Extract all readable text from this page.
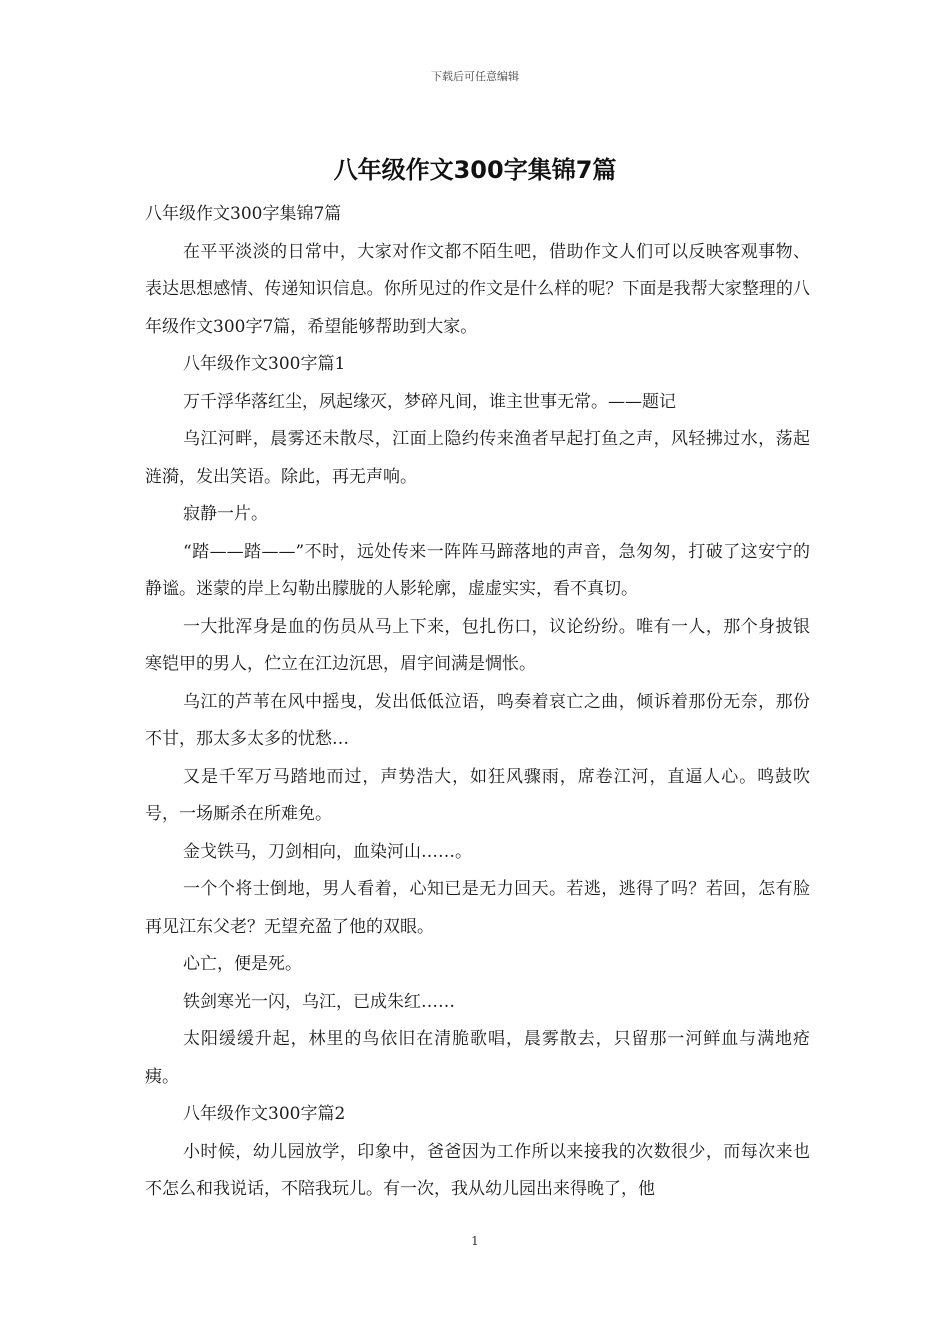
下载后可任意编辑
八年级作文300字集锦7篇

八年级作文300字集锦7篇

在平平淡淡的日常中，大家对作文都不陌生吧，借助作文人们可以反映客观事物、表达思想感情、传递知识信息。你所见过的作文是什么样的呢？下面是我帮大家整理的八年级作文300字7篇，希望能够帮助到大家。

八年级作文300字篇1

万千浮华落红尘，夙起缘灭，梦碎凡间，谁主世事无常。——题记

乌江河畔，晨雾还未散尽，江面上隐约传来渔者早起打鱼之声，风轻拂过水，荡起涟漪，发出笑语。除此，再无声响。

寂静一片。

“踏——踏——”不时，远处传来一阵阵马蹄落地的声音，急匆匆，打破了这安宁的静谧。迷蒙的岸上勾勒出朦胧的人影轮廓，虚虚实实，看不真切。

一大批浑身是血的伤员从马上下来，包扎伤口，议论纷纷。唯有一人，那个身披银寒铠甲的男人，伫立在江边沉思，眉宇间满是惆怅。

乌江的芦苇在风中摇曳，发出低低泣语，鸣奏着哀亡之曲，倾诉着那份无奈，那份不甘，那太多太多的忧愁…

又是千军万马踏地而过，声势浩大，如狂风骤雨，席卷江河，直逼人心。鸣鼓吹号，一场厮杀在所难免。

金戈铁马，刀剑相向，血染河山……。

一个个将士倒地，男人看着，心知已是无力回天。若逃，逃得了吗？若回，怎有脸再见江东父老？无望充盈了他的双眼。

心亡，便是死。

铁剑寒光一闪，乌江，已成朱红……

太阳缓缓升起，林里的鸟依旧在清脆歌唱，晨雾散去，只留那一河鲜血与满地疮痍。

八年级作文300字篇2

小时候，幼儿园放学，印象中，爸爸因为工作所以来接我的次数很少，而每次来也不怎么和我说话，不陪我玩儿。有一次，我从幼儿园出来得晚了，他

1
